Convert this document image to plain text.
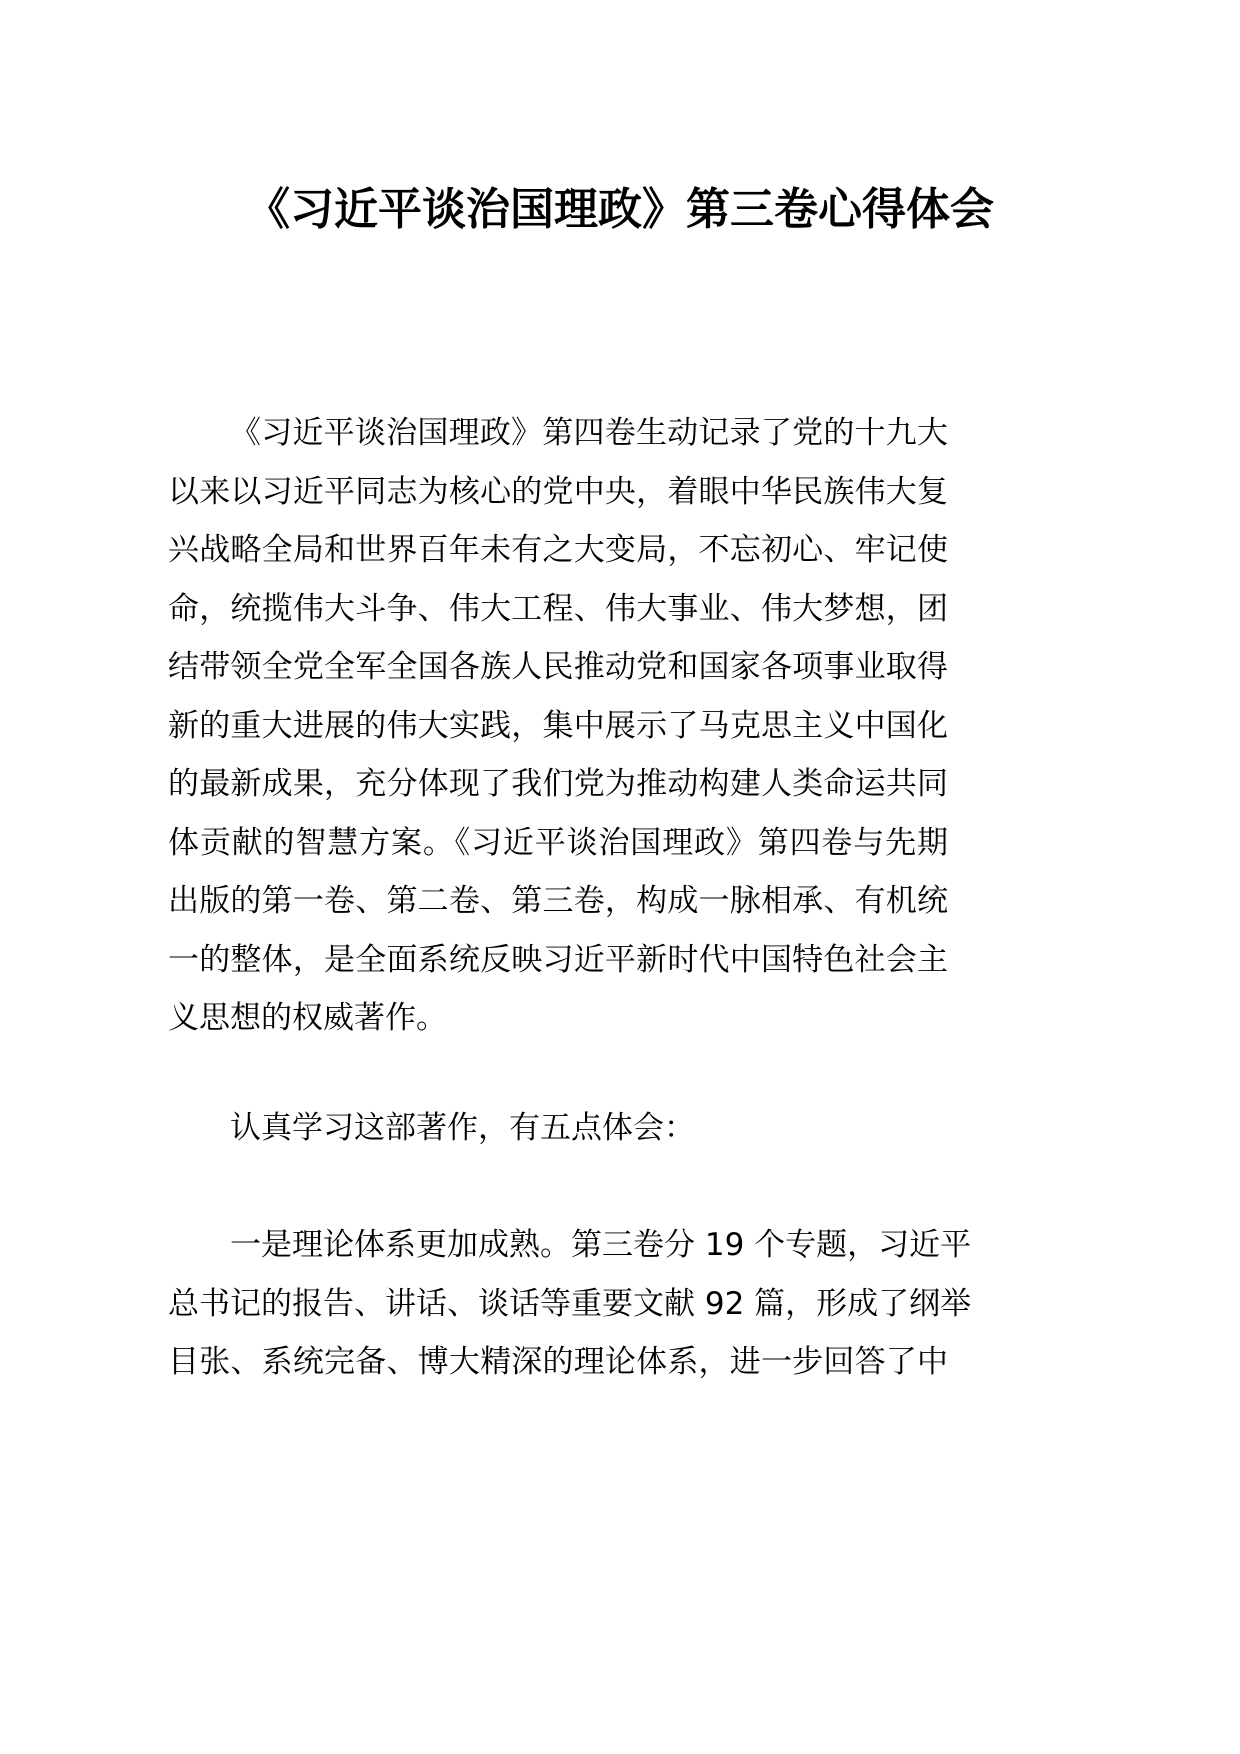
《习近平谈治国理政》第三卷心得体会
《习近平谈治国理政》第四卷生动记录了党的十九大
以来以习近平同志为核心的党中央，着眼中华民族伟大复
兴战略全局和世界百年未有之大变局，不忘初心、牢记使
命，统揽伟大斗争、伟大工程、伟大事业、伟大梦想，团
结带领全党全军全国各族人民推动党和国家各项事业取得
新的重大进展的伟大实践，集中展示了马克思主义中国化
的最新成果，充分体现了我们党为推动构建人类命运共同
体贡献的智慧方案。《习近平谈治国理政》第四卷与先期
出版的第一卷、第二卷、第三卷，构成一脉相承、有机统
一的整体，是全面系统反映习近平新时代中国特色社会主
义思想的权威著作。
认真学习这部著作，有五点体会：
一是理论体系更加成熟。第三卷分 19 个专题，习近平
总书记的报告、讲话、谈话等重要文献 92 篇，形成了纲举
目张、系统完备、博大精深的理论体系，进一步回答了中
